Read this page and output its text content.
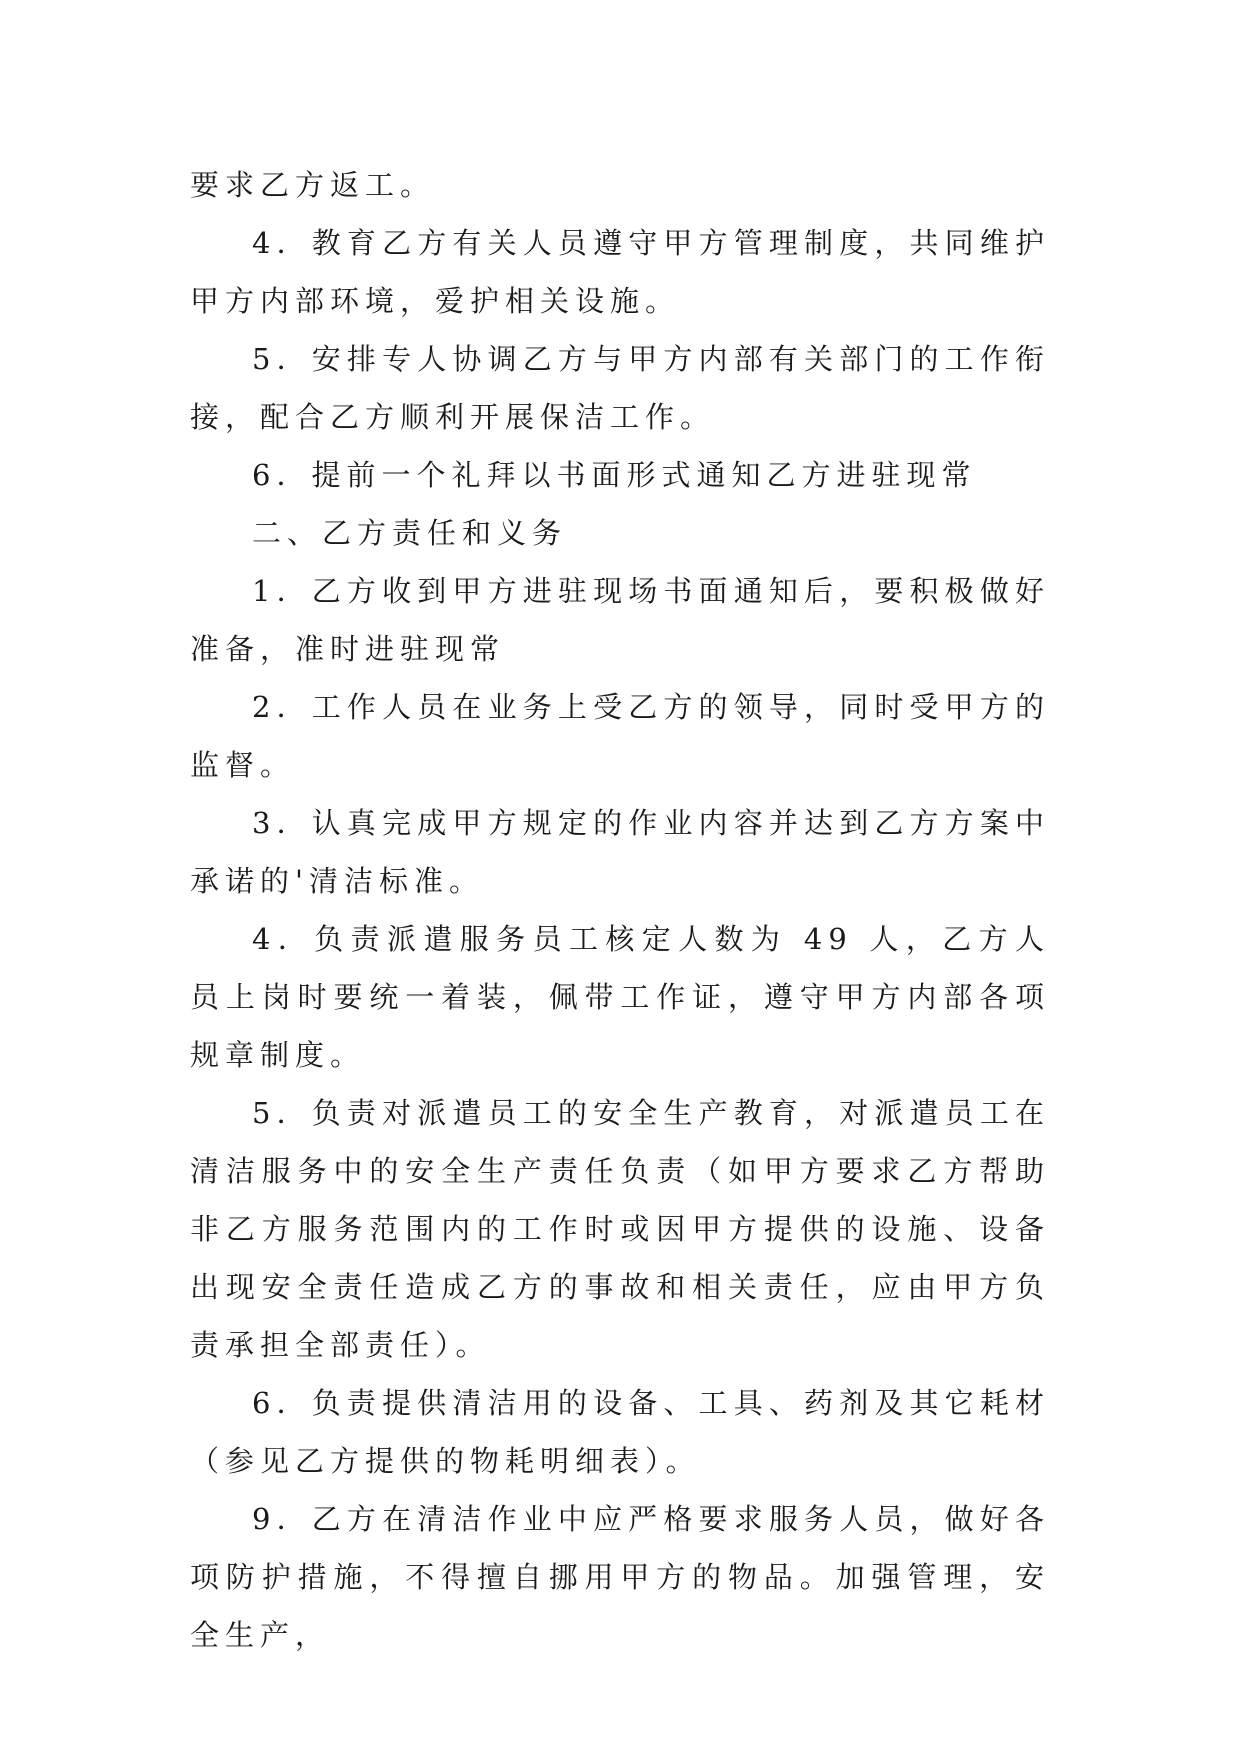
要求乙方返工。

4．教育乙方有关人员遵守甲方管理制度，共同维护甲方内部环境，爱护相关设施。

5．安排专人协调乙方与甲方内部有关部门的工作衔接，配合乙方顺利开展保洁工作。

6．提前一个礼拜以书面形式通知乙方进驻现常

二、乙方责任和义务

1．乙方收到甲方进驻现场书面通知后，要积极做好准备，准时进驻现常

2．工作人员在业务上受乙方的领导，同时受甲方的监督。

3．认真完成甲方规定的作业内容并达到乙方方案中承诺的'清洁标准。

4．负责派遣服务员工核定人数为 49 人，乙方人员上岗时要统一着装，佩带工作证，遵守甲方内部各项规章制度。

5．负责对派遣员工的安全生产教育，对派遣员工在清洁服务中的安全生产责任负责（如甲方要求乙方帮助非乙方服务范围内的工作时或因甲方提供的设施、设备出现安全责任造成乙方的事故和相关责任，应由甲方负责承担全部责任）。

6．负责提供清洁用的设备、工具、药剂及其它耗材（参见乙方提供的物耗明细表）。

9．乙方在清洁作业中应严格要求服务人员，做好各项防护措施，不得擅自挪用甲方的物品。加强管理，安全生产，
